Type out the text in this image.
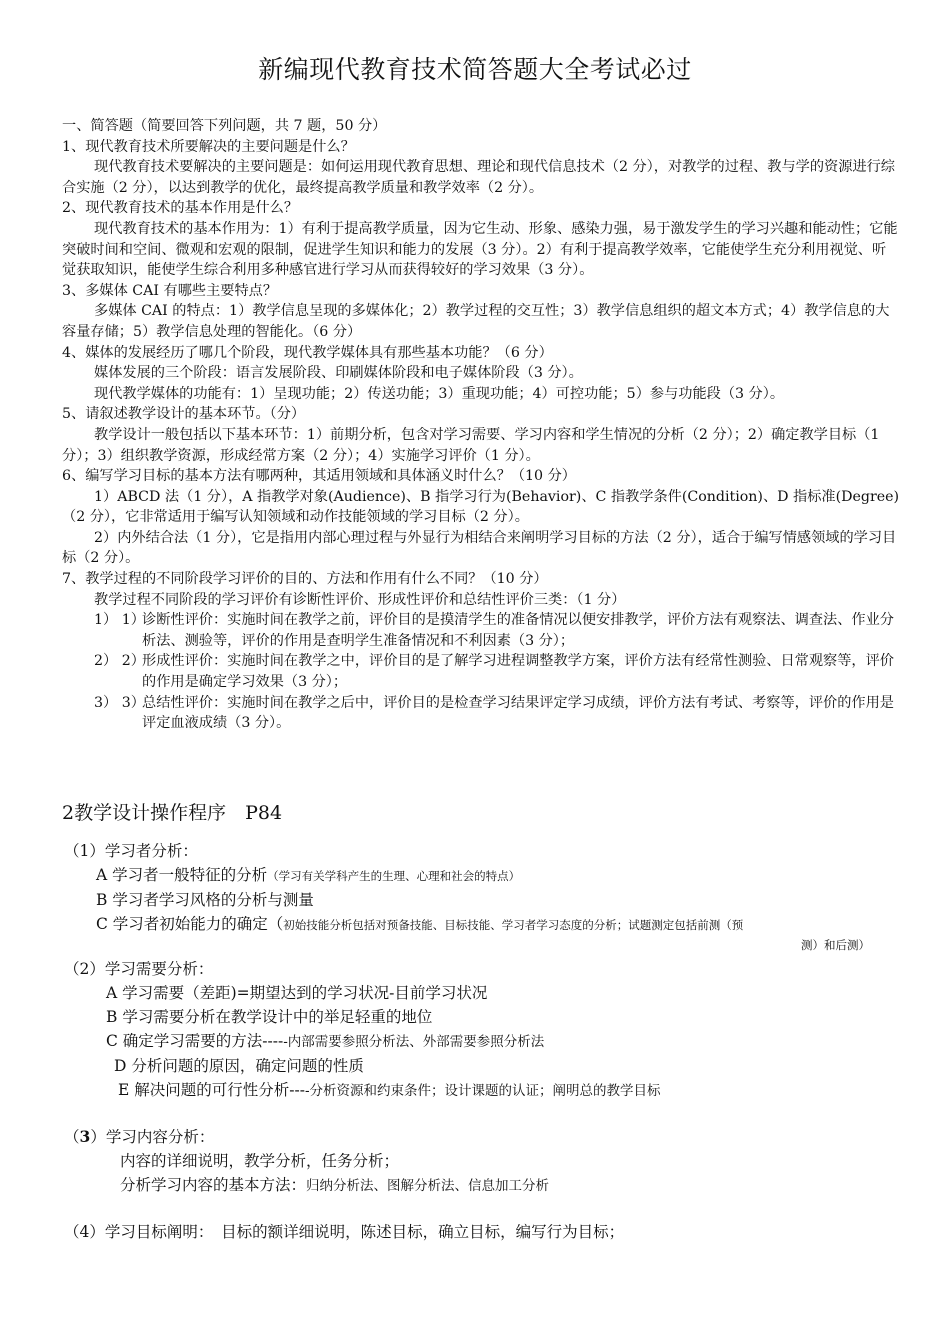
新编现代教育技术简答题大全考试必过

一、简答题（简要回答下列问题，共 7 题，50 分）

1、现代教育技术所要解决的主要问题是什么？

现代教育技术要解决的主要问题是：如何运用现代教育思想、理论和现代信息技术（2 分），对教学的过程、教与学的资源进行综合实施（2 分），以达到教学的优化，最终提高教学质量和教学效率（2 分）。

2、现代教育技术的基本作用是什么？

现代教育技术的基本作用为：1）有利于提高教学质量，因为它生动、形象、感染力强，易于激发学生的学习兴趣和能动性；它能突破时间和空间、微观和宏观的限制，促进学生知识和能力的发展（3 分）。2）有利于提高教学效率，它能使学生充分利用视觉、听觉获取知识，能使学生综合利用多种感官进行学习从而获得较好的学习效果（3 分）。

3、多媒体 CAI 有哪些主要特点？

多媒体 CAI 的特点：1）教学信息呈现的多媒体化；2）教学过程的交互性；3）教学信息组织的超文本方式；4）教学信息的大容量存储；5）教学信息处理的智能化。（6 分）

4、媒体的发展经历了哪几个阶段，现代教学媒体具有那些基本功能？（6 分）

媒体发展的三个阶段：语言发展阶段、印刷媒体阶段和电子媒体阶段（3 分）。

现代教学媒体的功能有：1）呈现功能；2）传送功能；3）重现功能；4）可控功能；5）参与功能段（3 分）。

5、请叙述教学设计的基本环节。（分）

教学设计一般包括以下基本环节：1）前期分析，包含对学习需要、学习内容和学生情况的分析（2 分）；2）确定教学目标（1 分）；3）组织教学资源，形成经常方案（2 分）；4）实施学习评价（1 分）。

6、编写学习目标的基本方法有哪两种，其适用领域和具体涵义时什么？（10 分）

1）ABCD 法（1 分），A 指教学对象(Audience)、B 指学习行为(Behavior)、C 指教学条件(Condition)、D 指标准(Degree)（2 分），它非常适用于编写认知领域和动作技能领域的学习目标（2 分）。

2）内外结合法（1 分），它是指用内部心理过程与外显行为相结合来阐明学习目标的方法（2 分），适合于编写情感领域的学习目标（2 分）。

7、教学过程的不同阶段学习评价的目的、方法和作用有什么不同？（10 分）

教学过程不同阶段的学习评价有诊断性评价、形成性评价和总结性评价三类：（1 分）

1） 1）
诊断性评价：实施时间在教学之前，评价目的是摸清学生的准备情况以便安排教学，评价方法有观察法、调查法、作业分析法、测验等，评价的作用是查明学生准备情况和不利因素（3 分）；
2） 2）
形成性评价：实施时间在教学之中，评价目的是了解学习进程调整教学方案，评价方法有经常性测验、日常观察等，评价的作用是确定学习效果（3 分）；
3） 3）
总结性评价：实施时间在教学之后中，评价目的是检查学习结果评定学习成绩，评价方法有考试、考察等，评价的作用是评定血液成绩（3 分）。

2教学设计操作程序　P84

（1）学习者分析：

A 学习者一般特征的分析（学习有关学科产生的生理、心理和社会的特点）

B 学习者学习风格的分析与测量

C 学习者初始能力的确定（初始技能分析包括对预备技能、目标技能、学习者学习态度的分析；试题测定包括前测（预

测）和后测）

（2）学习需要分析：

A 学习需要（差距)=期望达到的学习状况-目前学习状况

B 学习需要分析在教学设计中的举足轻重的地位

C 确定学习需要的方法-----内部需要参照分析法、外部需要参照分析法

D 分析问题的原因，确定问题的性质

E 解决问题的可行性分析----分析资源和约束条件；设计课题的认证；阐明总的教学目标

（3）学习内容分析：

内容的详细说明，教学分析，任务分析；

分析学习内容的基本方法：归纳分析法、图解分析法、信息加工分析

（4）学习目标阐明：　目标的额详细说明，陈述目标，确立目标，编写行为目标；
